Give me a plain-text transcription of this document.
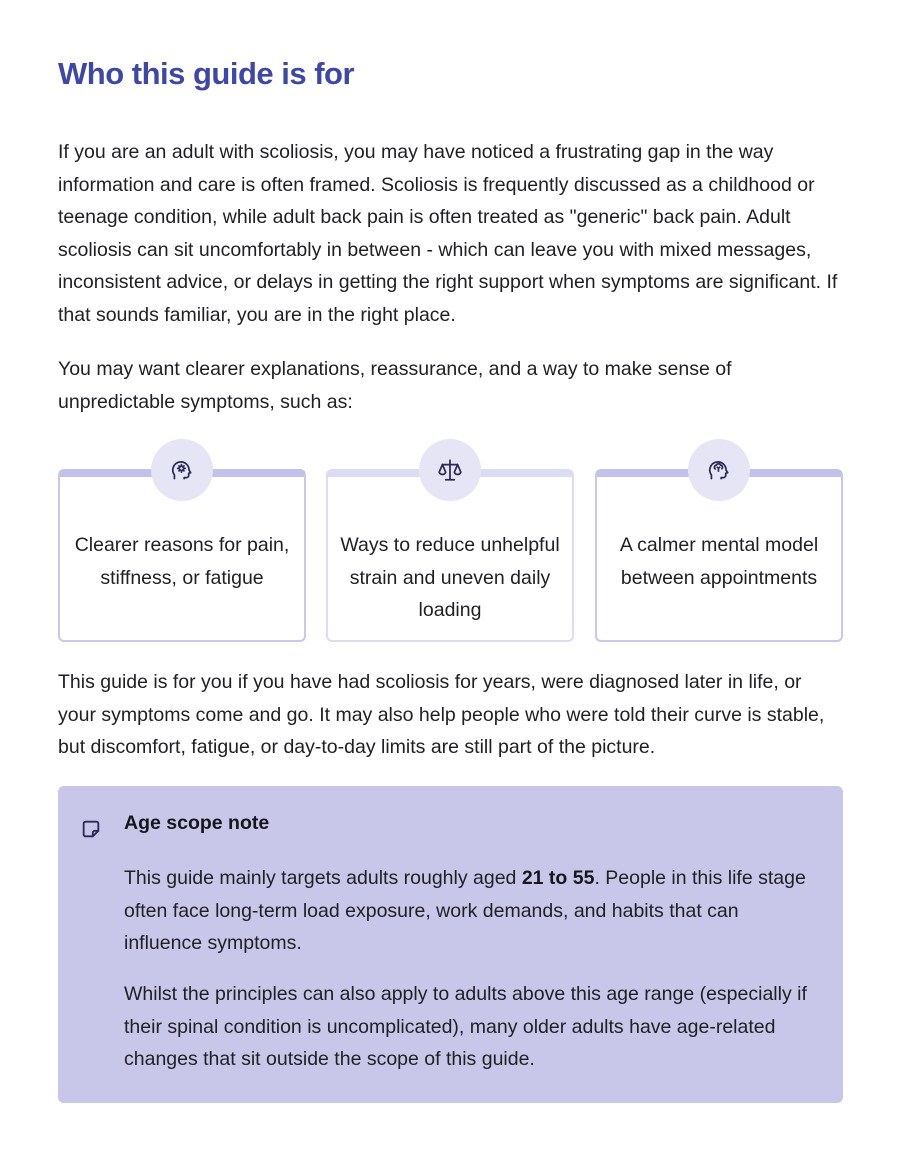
Who this guide is for

If you are an adult with scoliosis, you may have noticed a frustrating gap in the way information and care is often framed. Scoliosis is frequently discussed as a childhood or teenage condition, while adult back pain is often treated as "generic" back pain. Adult scoliosis can sit uncomfortably in between - which can leave you with mixed messages, inconsistent advice, or delays in getting the right support when symptoms are significant. If that sounds familiar, you are in the right place.

You may want clearer explanations, reassurance, and a way to make sense of unpredictable symptoms, such as:

Clearer reasons for pain, stiffness, or fatigue
Ways to reduce unhelpful strain and uneven daily loading
A calmer mental model between appointments

This guide is for you if you have had scoliosis for years, were diagnosed later in life, or your symptoms come and go. It may also help people who were told their curve is stable, but discomfort, fatigue, or day-to-day limits are still part of the picture.

Age scope note

This guide mainly targets adults roughly aged 21 to 55. People in this life stage often face long-term load exposure, work demands, and habits that can influence symptoms.

Whilst the principles can also apply to adults above this age range (especially if their spinal condition is uncomplicated), many older adults have age-related changes that sit outside the scope of this guide.
